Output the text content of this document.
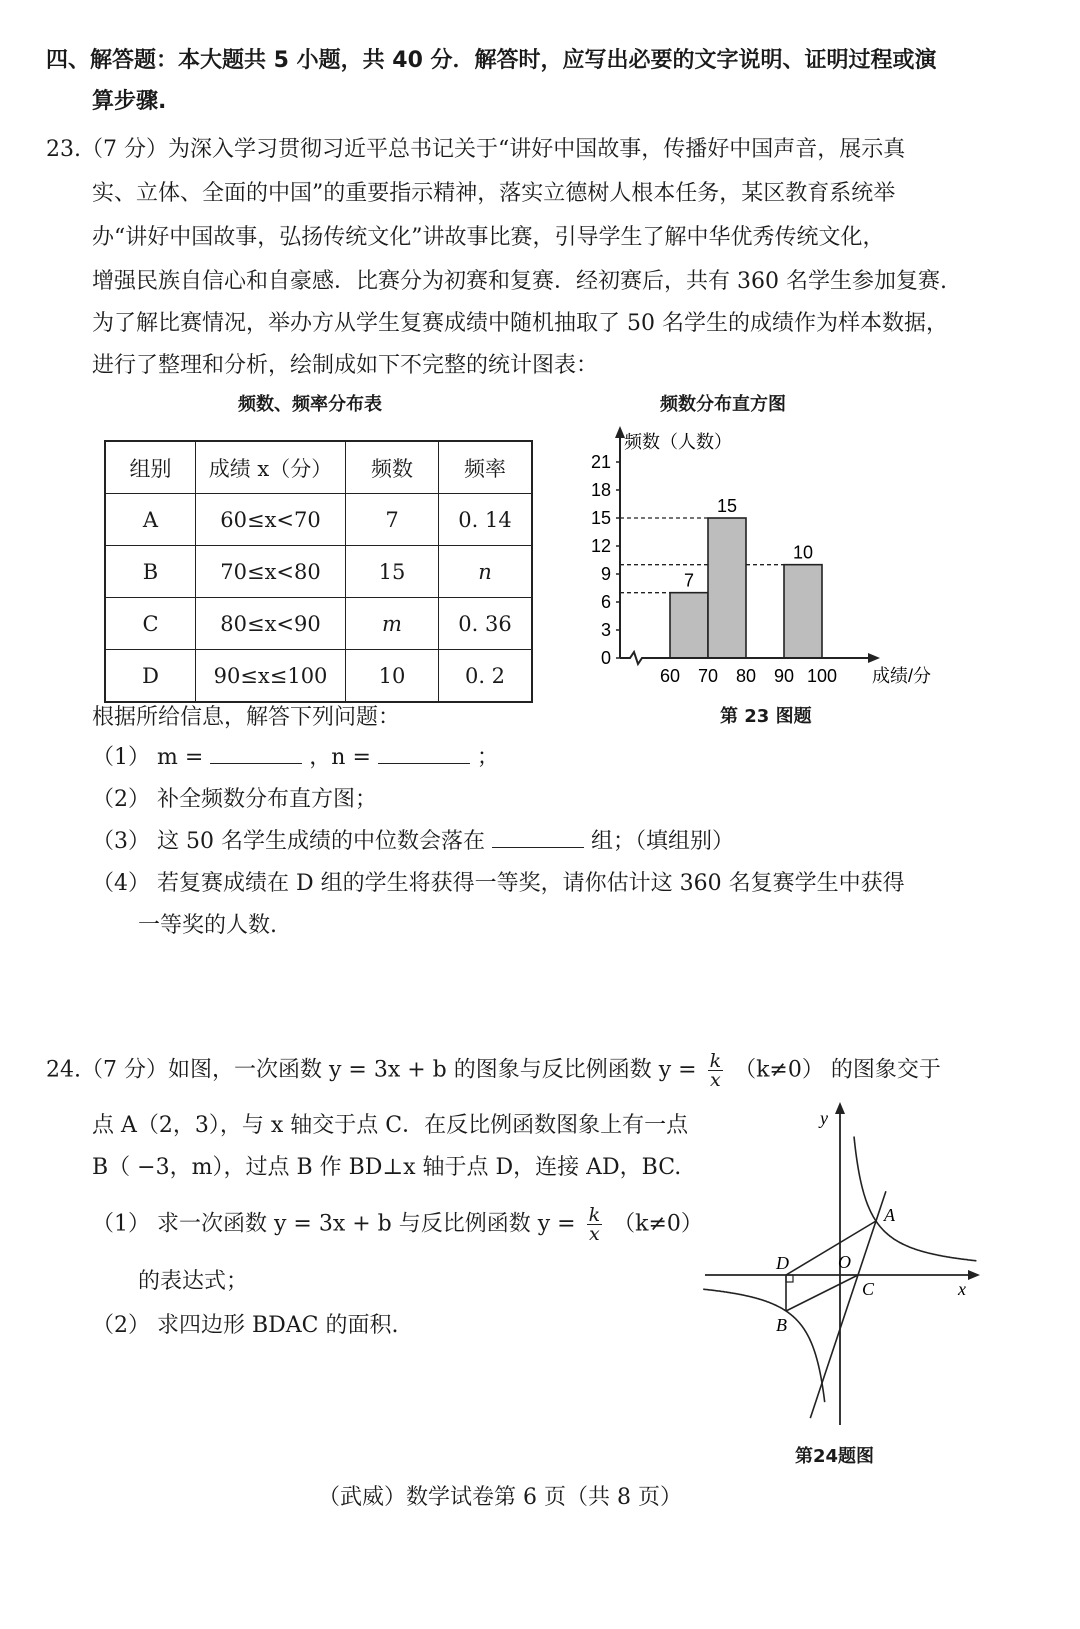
四、解答题：本大题共 5 小题，共 40 分．解答时，应写出必要的文字说明、证明过程或演
算步骤.
23.（7 分）为深入学习贯彻习近平总书记关于“讲好中国故事，传播好中国声音，展示真
实、立体、全面的中国”的重要指示精神，落实立德树人根本任务，某区教育系统举
办“讲好中国故事，弘扬传统文化”讲故事比赛，引导学生了解中华优秀传统文化，
增强民族自信心和自豪感．比赛分为初赛和复赛．经初赛后，共有 360 名学生参加复赛.
为了解比赛情况，举办方从学生复赛成绩中随机抽取了 50 名学生的成绩作为样本数据，
进行了整理和分析，绘制成如下不完整的统计图表：
频数、频率分布表
组别	成绩 x（分）	频数	频率
A	60≤x<70	7	0. 14
B	70≤x<80	15	n
C	80≤x<90	m	0. 36
D	90≤x≤100	10	0. 2
频数分布直方图
0
3
6
9
12
15
18
21
7
15
10
60 70 80 90 100
频数（人数）
成绩/分
第 23 图题
根据所给信息，解答下列问题：
（1） m =	，n =	；
（2） 补全频数分布直方图；
（3） 这 50 名学生成绩的中位数会落在	组；（填组别）
（4） 若复赛成绩在 D 组的学生将获得一等奖，请你估计这 360 名复赛学生中获得
一等奖的人数.
24.（7 分）如图，一次函数 y = 3x + b 的图象与反比例函数 $y = \frac{k}{x} (k\ne 0)$ 的图象交于
点 A（2，3），与 x 轴交于点 C．在反比例函数图象上有一点
B（ −3，m），过点 B 作 BD⊥x 轴于点 D，连接 AD，BC.
（1） 求一次函数 y = 3x + b 与反比例函数 $y = \frac{k}{x} (k\ne 0)$
的表达式；
（2） 求四边形 BDAC 的面积.
y
x
A
O
D
C
B
第24题图
（武威）数学试卷第 6 页（共 8 页）
